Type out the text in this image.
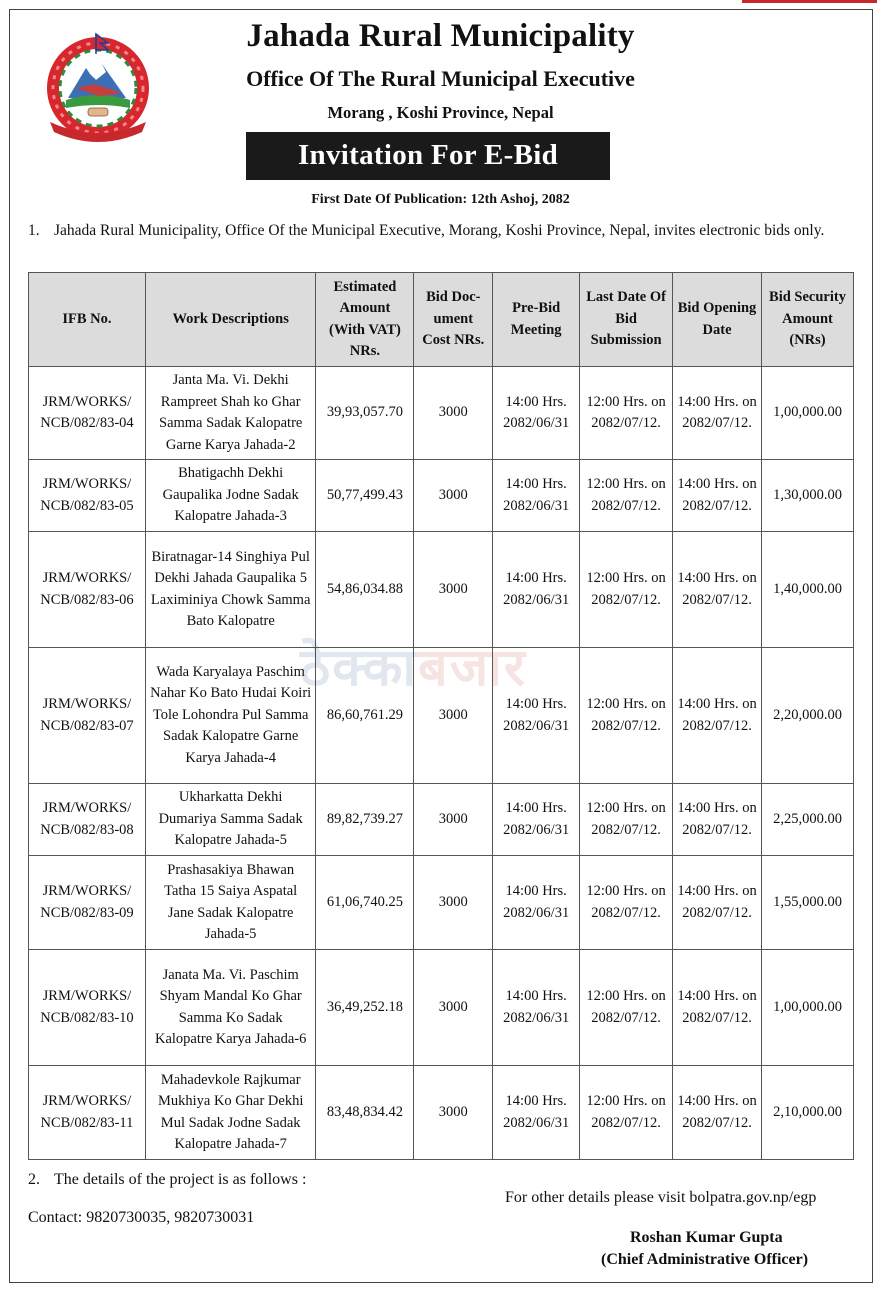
Jahada Rural Municipality
Office Of The Rural Municipal Executive
Morang , Koshi Province, Nepal
Invitation For E-Bid
First Date Of Publication: 12th Ashoj, 2082
1. Jahada Rural Municipality, Office Of the Municipal Executive, Morang, Koshi Province, Nepal, invites electronic bids only.
IFB No.	Work Descriptions	Estimated Amount (With VAT) NRs.	Bid Doc-ument Cost NRs.	Pre-Bid Meeting	Last Date Of Bid Submission	Bid Opening Date	Bid Security Amount (NRs)
JRM/WORKS/ NCB/082/83-04	Janta Ma. Vi. Dekhi Rampreet Shah ko Ghar Samma Sadak Kalopatre Garne Karya Jahada-2	39,93,057.70	3000	14:00 Hrs. 2082/06/31	12:00 Hrs. on 2082/07/12.	14:00 Hrs. on 2082/07/12.	1,00,000.00
JRM/WORKS/ NCB/082/83-05	Bhatigachh Dekhi Gaupalika Jodne Sadak Kalopatre Jahada-3	50,77,499.43	3000	14:00 Hrs. 2082/06/31	12:00 Hrs. on 2082/07/12.	14:00 Hrs. on 2082/07/12.	1,30,000.00
JRM/WORKS/ NCB/082/83-06	Biratnagar-14 Singhiya Pul Dekhi Jahada Gaupalika 5 Laximiniya Chowk Samma Bato Kalopatre	54,86,034.88	3000	14:00 Hrs. 2082/06/31	12:00 Hrs. on 2082/07/12.	14:00 Hrs. on 2082/07/12.	1,40,000.00
JRM/WORKS/ NCB/082/83-07	Wada Karyalaya Paschim Nahar Ko Bato Hudai Koiri Tole Lohondra Pul Samma Sadak Kalopatre Garne Karya Jahada-4	86,60,761.29	3000	14:00 Hrs. 2082/06/31	12:00 Hrs. on 2082/07/12.	14:00 Hrs. on 2082/07/12.	2,20,000.00
JRM/WORKS/ NCB/082/83-08	Ukharkatta Dekhi Dumariya Samma Sadak Kalopatre Jahada-5	89,82,739.27	3000	14:00 Hrs. 2082/06/31	12:00 Hrs. on 2082/07/12.	14:00 Hrs. on 2082/07/12.	2,25,000.00
JRM/WORKS/ NCB/082/83-09	Prashasakiya Bhawan Tatha 15 Saiya Aspatal Jane Sadak Kalopatre Jahada-5	61,06,740.25	3000	14:00 Hrs. 2082/06/31	12:00 Hrs. on 2082/07/12.	14:00 Hrs. on 2082/07/12.	1,55,000.00
JRM/WORKS/ NCB/082/83-10	Janata Ma. Vi. Paschim Shyam Mandal Ko Ghar Samma Ko Sadak Kalopatre Karya Jahada-6	36,49,252.18	3000	14:00 Hrs. 2082/06/31	12:00 Hrs. on 2082/07/12.	14:00 Hrs. on 2082/07/12.	1,00,000.00
JRM/WORKS/ NCB/082/83-11	Mahadevkole Rajkumar Mukhiya Ko Ghar Dekhi Mul Sadak Jodne Sadak Kalopatre Jahada-7	83,48,834.42	3000	14:00 Hrs. 2082/06/31	12:00 Hrs. on 2082/07/12.	14:00 Hrs. on 2082/07/12.	2,10,000.00
ठेक्काबजार
2. The details of the project is as follows :
For other details please visit bolpatra.gov.np/egp
Contact: 9820730035, 9820730031
Roshan Kumar Gupta
(Chief Administrative Officer)
